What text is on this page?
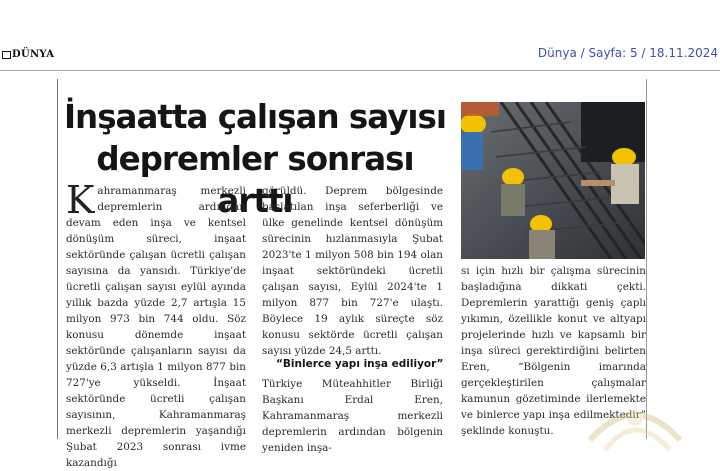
DÜNYA	Dünya / Sayfa: 5 / 18.11.2024
İnşaatta çalışan sayısı
depremler sonrası arttı

Kahramanmaraş merkezli depremlerin ardından devam eden inşa ve kentsel dönüşüm süreci, inşaat sektöründe çalışan ücretli çalışan sayısına da yansıdı. Türkiye'de ücretli çalışan sayısı eylül ayında yıllık bazda yüzde 2,7 artışla 15 milyon 973 bin 744 oldu. Söz konusu dönemde inşaat sektöründe çalışanların sayısı da yüzde 6,3 artışla 1 milyon 877 bin 727'ye yükseldi. İnşaat sektöründe ücretli çalışan sayısının, Kahramanmaraş merkezli depremlerin yaşandığı Şubat 2023 sonrası ivme kazandığı

görüldü. Deprem bölgesinde başlatılan inşa seferberliği ve ülke genelinde kentsel dönüşüm sürecinin hızlanmasıyla Şubat 2023'te 1 milyon 508 bin 194 olan inşaat sektöründeki ücretli çalışan sayısı, Eylül 2024'te 1 milyon 877 bin 727'e ulaştı. Böylece 19 aylık süreçte söz konusu sektörde ücretli çalışan sayısı yüzde 24,5 arttı.

“Binlerce yapı inşa ediliyor”

Türkiye Müteahhitler Birliği Başkanı Erdal Eren, Kahramanmaraş merkezli depremlerin ardından bölgenin yeniden inşa-

sı için hızlı bir çalışma sürecinin başladığına dikkati çekti. Depremlerin yarattığı geniş çaplı yıkımın, özellikle konut ve altyapı projelerinde hızlı ve kapsamlı bir inşa süreci gerektirdiğini belirten Eren, “Bölgenin imarında gerçekleştirilen çalışmalar kamunun gözetiminde ilerlemekte ve binlerce yapı inşa edilmektedir” şeklinde konuştu.
